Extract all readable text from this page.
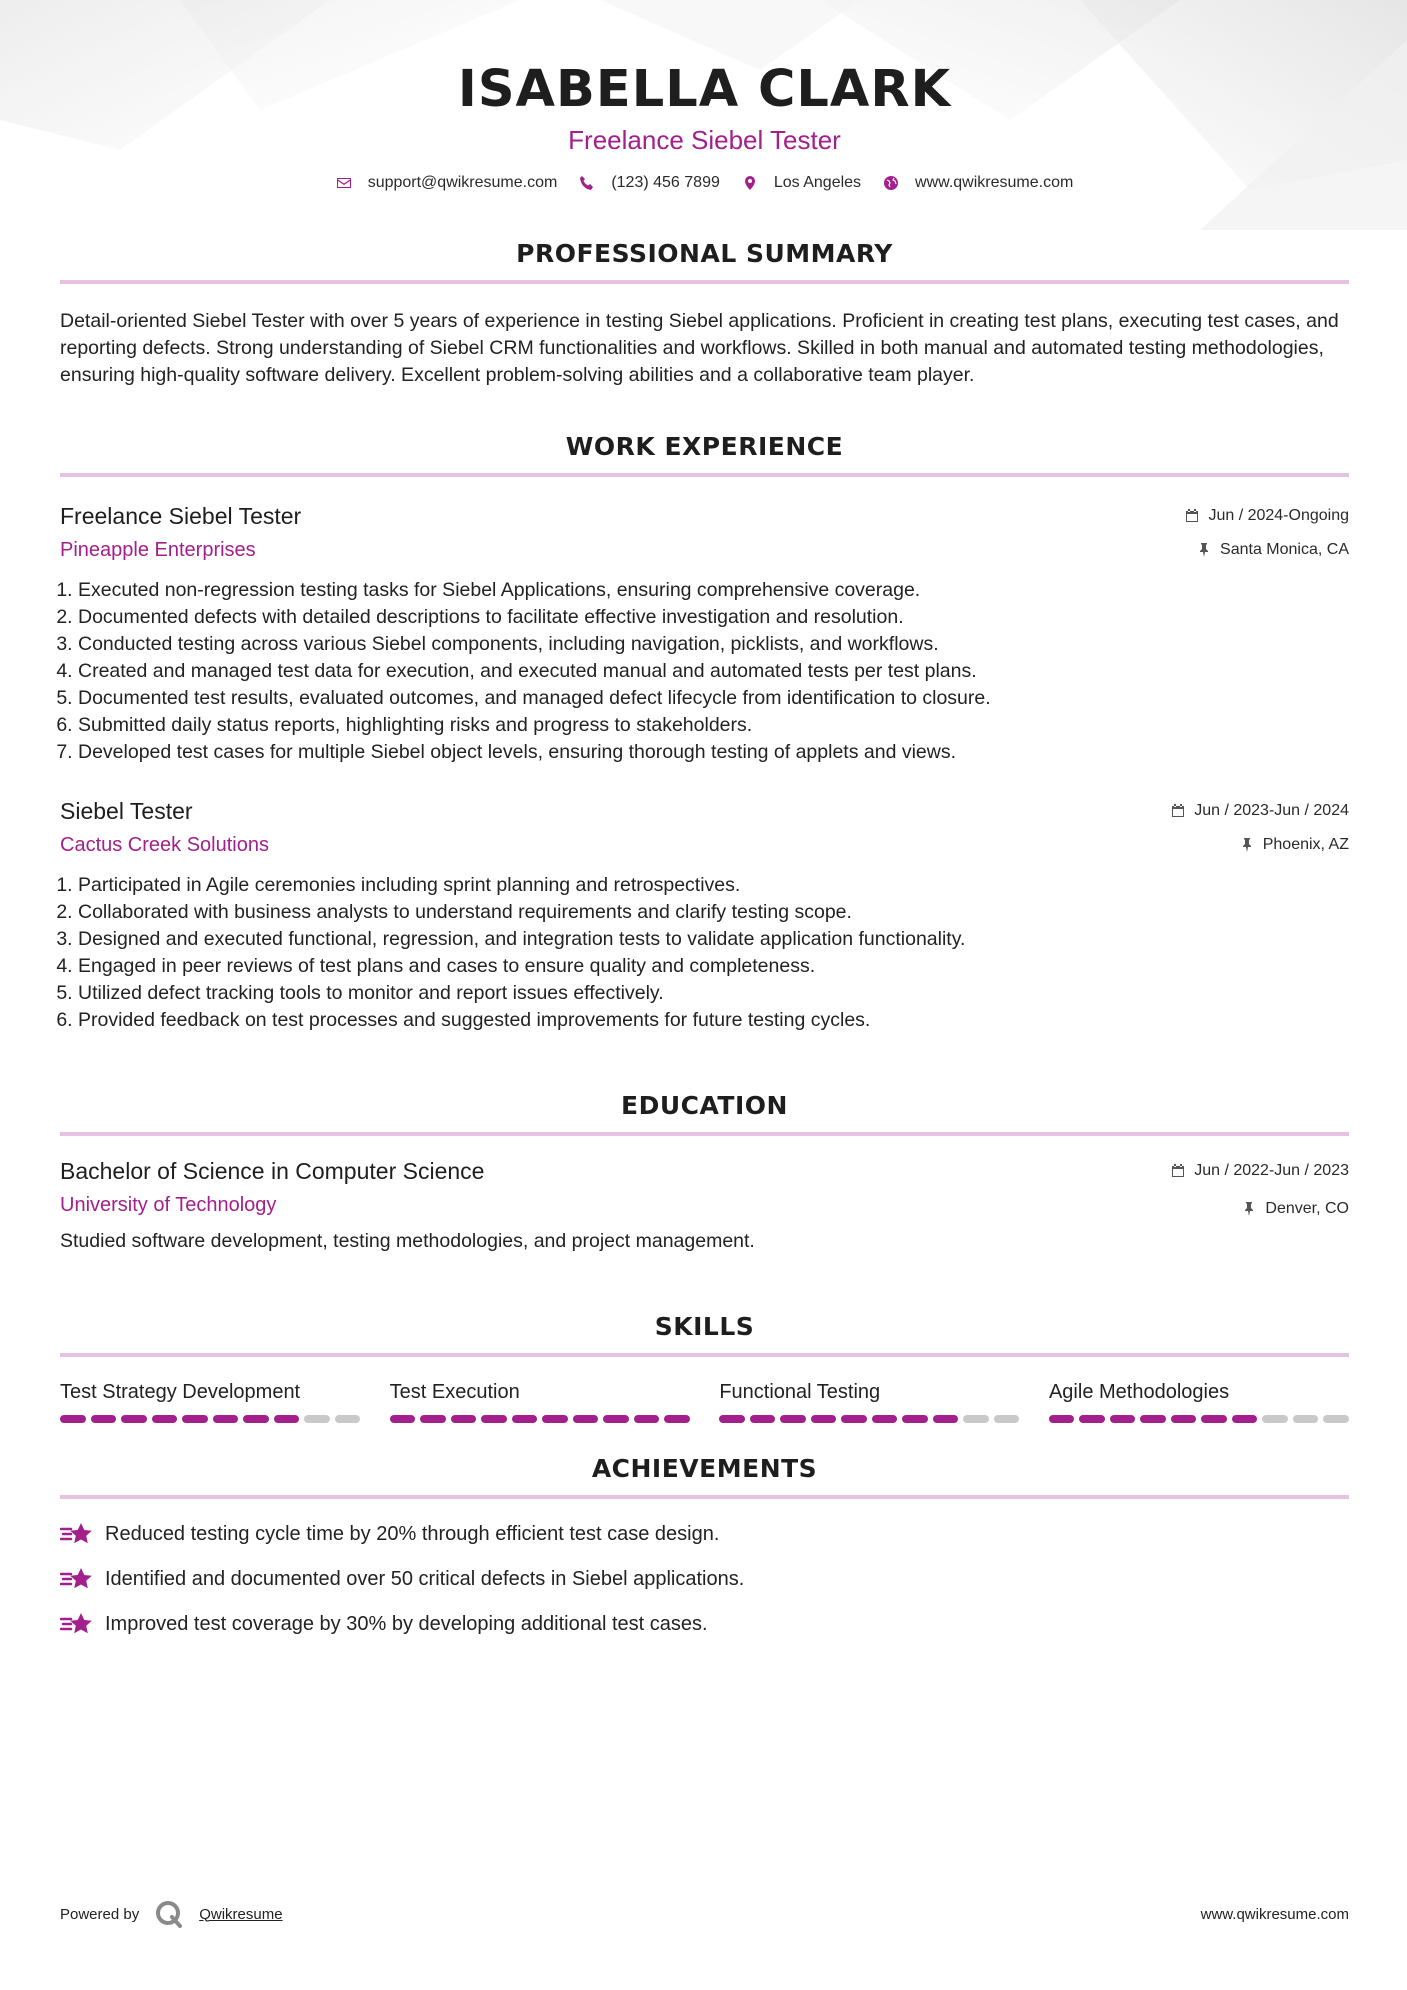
ISABELLA CLARK
Freelance Siebel Tester
support@qwikresume.com	(123) 456 7899	Los Angeles	www.qwikresume.com
PROFESSIONAL SUMMARY
Detail-oriented Siebel Tester with over 5 years of experience in testing Siebel applications. Proficient in creating test plans, executing test cases, and reporting defects. Strong understanding of Siebel CRM functionalities and workflows. Skilled in both manual and automated testing methodologies, ensuring high-quality software delivery. Excellent problem-solving abilities and a collaborative team player.
WORK EXPERIENCE
Freelance Siebel Tester
Pineapple Enterprises
Jun / 2024-Ongoing
Santa Monica, CA
1. Executed non-regression testing tasks for Siebel Applications, ensuring comprehensive coverage.
2. Documented defects with detailed descriptions to facilitate effective investigation and resolution.
3. Conducted testing across various Siebel components, including navigation, picklists, and workflows.
4. Created and managed test data for execution, and executed manual and automated tests per test plans.
5. Documented test results, evaluated outcomes, and managed defect lifecycle from identification to closure.
6. Submitted daily status reports, highlighting risks and progress to stakeholders.
7. Developed test cases for multiple Siebel object levels, ensuring thorough testing of applets and views.
Siebel Tester
Cactus Creek Solutions
Jun / 2023-Jun / 2024
Phoenix, AZ
1. Participated in Agile ceremonies including sprint planning and retrospectives.
2. Collaborated with business analysts to understand requirements and clarify testing scope.
3. Designed and executed functional, regression, and integration tests to validate application functionality.
4. Engaged in peer reviews of test plans and cases to ensure quality and completeness.
5. Utilized defect tracking tools to monitor and report issues effectively.
6. Provided feedback on test processes and suggested improvements for future testing cycles.
EDUCATION
Bachelor of Science in Computer Science
University of Technology
Jun / 2022-Jun / 2023
Denver, CO
Studied software development, testing methodologies, and project management.
SKILLS
Test Strategy Development	Test Execution	Functional Testing	Agile Methodologies
ACHIEVEMENTS
Reduced testing cycle time by 20% through efficient test case design.
Identified and documented over 50 critical defects in Siebel applications.
Improved test coverage by 30% by developing additional test cases.
Powered by	Qwikresume	www.qwikresume.com
